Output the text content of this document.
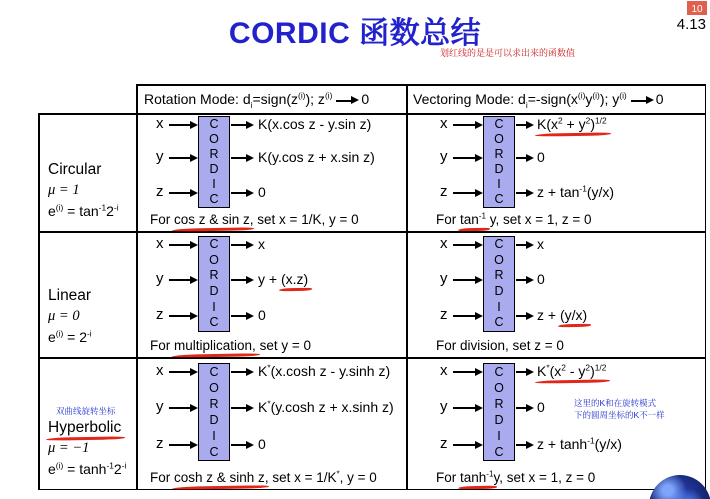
CORDIC 函数总结
10
4.13
划红线的是是可以求出来的函数值
Rotation Mode: $d_i=sign(z^{(i)})$; $z^{(i)}$ 0	Vectoring Mode: $d_i=-sign(x^{(i)}y^{(i)})$; $y^{(i)}$ 0
Circular
μ = 1
$e^{(i)} = \tan^{-1}2^{-i}$
Linear
μ = 0
$e^{(i)} = 2^{-i}$
双曲线旋转坐标
Hyperbolic
μ = −1
$e^{(i)} = \tanh^{-1}2^{-i}$
x
y
z
CORDIC
K(x.cos z - y.sin z)
K(y.cos z + x.sin z)
0
For cos z & sin z, set x = 1/K, y = 0
x
y
z
CORDIC
$K(x^2 + y^2)^{1/2}$
0
$z + \tan^{-1}(y/x)$
For $\tan^{-1} y$, set x = 1, z = 0
x
y
z
CORDIC
x
y + (x.z)
0
For multiplication, set y = 0
x
y
z
CORDIC
x
0
z + (y/x)
For division, set z = 0
x
y
z
CORDIC
K*(x.cosh z - y.sinh z)
K*(y.cosh z + x.sinh z)
0
For cosh z & sinh z, set x = 1/K*, y = 0
x
y
z
CORDIC
$K^*(x^2 - y^2)^{1/2}$
0
$z + \tanh^{-1}(y/x)$
这里的K和在旋转模式
下的圆周坐标的K不一样
For $\tanh^{-1}y$, set x = 1, z = 0
